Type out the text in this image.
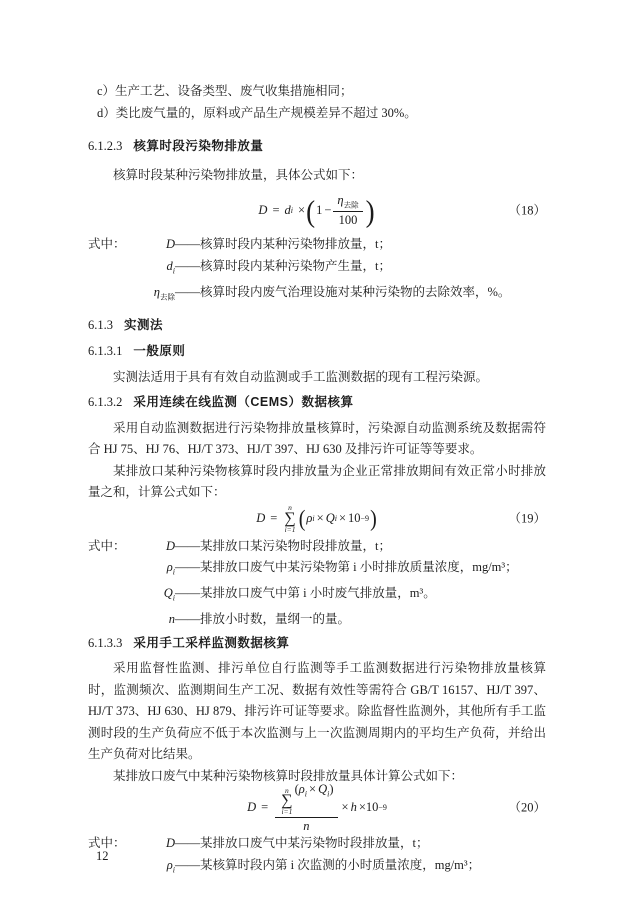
c）生产工艺、设备类型、废气收集措施相同；
d）类比废气量的，原料或产品生产规模差异不超过 30%。
6.1.2.3 核算时段污染物排放量
核算时段某种污染物排放量，具体公式如下：
D = d i × ( $1 - \frac{\eta_{去除}}{100}$ )	（18）
式中：	D ——核算时段内某种污染物排放量，t；
$d_i$ ——核算时段内某种污染物产生量，t；
$\eta_{去除}$ ——核算时段内废气治理设施对某种污染物的去除效率，%。
6.1.3 实测法
6.1.3.1 一般原则
实测法适用于具有有效自动监测或手工监测数据的现有工程污染源。
6.1.3.2 采用连续在线监测（CEMS）数据核算
采用自动监测数据进行污染物排放量核算时，污染源自动监测系统及数据需符合 HJ 75、HJ 76、HJ/T 373、HJ/T 397、HJ 630 及排污许可证等等要求。
某排放口某种污染物核算时段内排放量为企业正常排放期间有效正常小时排放量之和，计算公式如下：
D =
n
∑
i=1 ( ρ i × Q i × 10 −9 )	（19）
式中：	D ——某排放口某污染物时段排放量，t；
$\rho_i$ ——某排放口废气中某污染物第 i 小时排放质量浓度，mg/m³；
$Q_i$ ——某排放口废气中第 i 小时废气排放量，m³。
n ——排放小时数，量纲一的量。
6.1.3.3 采用手工采样监测数据核算
采用监督性监测、排污单位自行监测等手工监测数据进行污染物排放量核算时，监测频次、监测期间生产工况、数据有效性等需符合 GB/T 16157、HJ/T 397、HJ/T 373、HJ 630、HJ 879、排污许可证等要求。除监督性监测外，其他所有手工监测时段的生产负荷应不低于本次监测与上一次监测周期内的平均生产负荷，并给出生产负荷对比结果。
某排放口废气中某种污染物核算时段排放量具体计算公式如下：
D = n
∑
i=1
$(\rho_i \times Q_i)$
n × h × 10 −9	（20）
式中：	D ——某排放口废气中某污染物时段排放量，t；
$\rho_i$ ——某核算时段内第 i 次监测的小时质量浓度，mg/m³；
12
